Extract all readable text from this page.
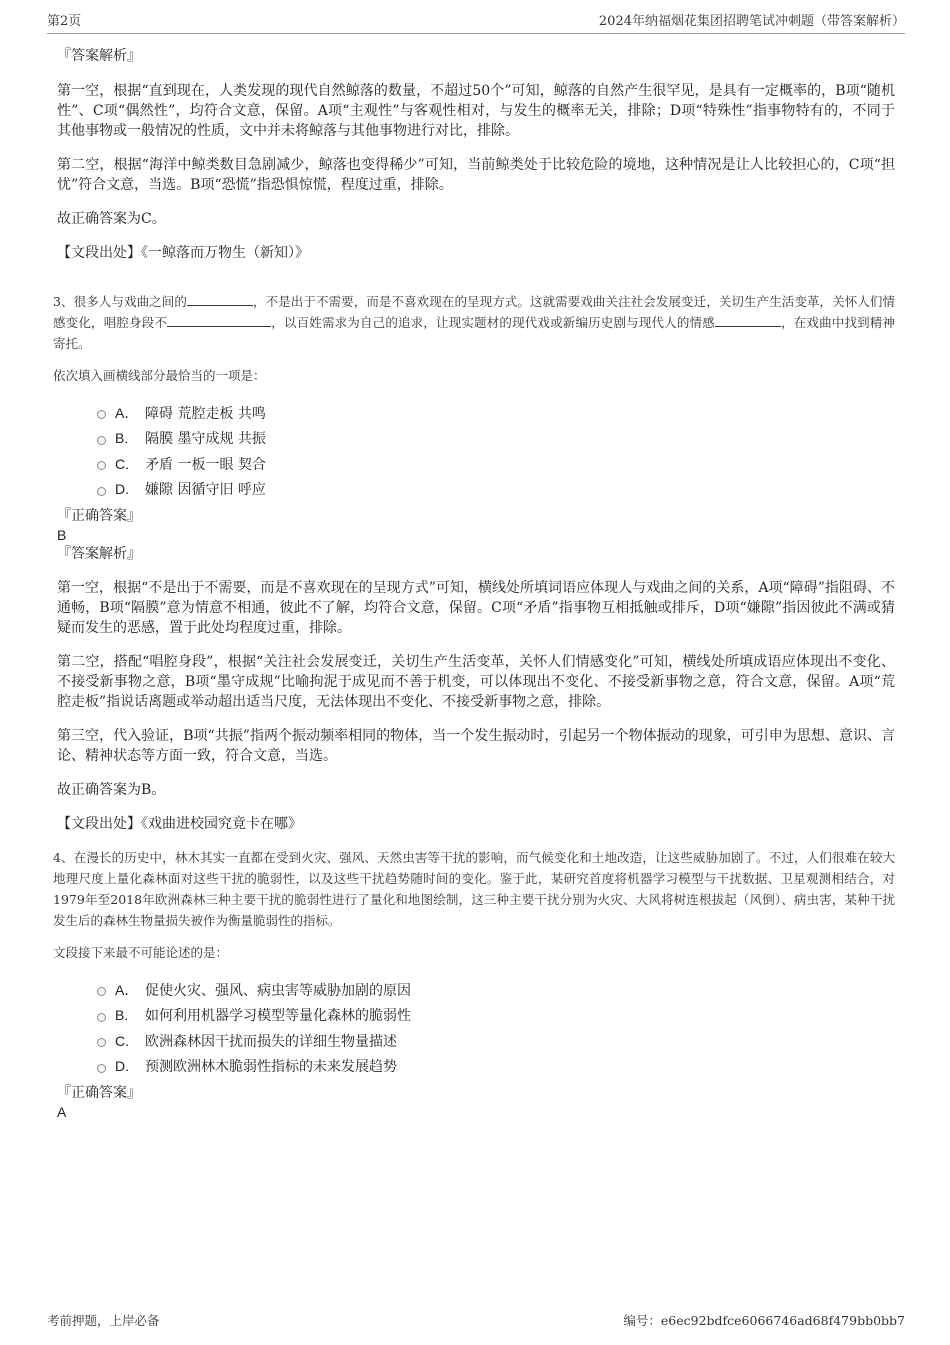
第2页	2024年纳福烟花集团招聘笔试冲刺题（带答案解析）

『答案解析』

第一空，根据“直到现在，人类发现的现代自然鲸落的数量，不超过50个”可知，鲸落的自然产生很罕见，是具有一定概率的，B项“随机性”、C项“偶然性”，均符合文意，保留。A项“主观性”与客观性相对，与发生的概率无关，排除；D项“特殊性”指事物特有的，不同于其他事物或一般情况的性质，文中并未将鲸落与其他事物进行对比，排除。

第二空，根据“海洋中鲸类数目急剧减少，鲸落也变得稀少”可知，当前鲸类处于比较危险的境地，这种情况是让人比较担心的，C项“担忧”符合文意，当选。B项“恐慌”指恐惧惊慌，程度过重，排除。

故正确答案为C。

【文段出处】《一鲸落而万物生（新知）》

3、很多人与戏曲之间的	，不是出于不需要，而是不喜欢现在的呈现方式。这就需要戏曲关注社会发展变迁，关切生产生活变革，关怀人们情感变化，唱腔身段不	，以百姓需求为自己的追求，让现实题材的现代戏或新编历史剧与现代人的情感	，在戏曲中找到精神寄托。

依次填入画横线部分最恰当的一项是：

A． 障碍 荒腔走板 共鸣
B.	隔膜 墨守成规 共振
C.	矛盾 一板一眼 契合
D.	嫌隙 因循守旧 呼应

『正确答案』

B

『答案解析』

第一空，根据“不是出于不需要，而是不喜欢现在的呈现方式”可知，横线处所填词语应体现人与戏曲之间的关系，A项“障碍”指阻碍、不通畅，B项“隔膜”意为情意不相通，彼此不了解，均符合文意，保留。C项“矛盾”指事物互相抵触或排斥，D项“嫌隙”指因彼此不满或猜疑而发生的恶感，置于此处均程度过重，排除。

第二空，搭配“唱腔身段”，根据“关注社会发展变迁，关切生产生活变革，关怀人们情感变化”可知，横线处所填成语应体现出不变化、不接受新事物之意，B项“墨守成规”比喻拘泥于成见而不善于机变，可以体现出不变化、不接受新事物之意，符合文意，保留。A项“荒腔走板”指说话离题或举动超出适当尺度，无法体现出不变化、不接受新事物之意，排除。

第三空，代入验证，B项“共振”指两个振动频率相同的物体，当一个发生振动时，引起另一个物体振动的现象，可引申为思想、意识、言论、精神状态等方面一致，符合文意，当选。

故正确答案为B。

【文段出处】《戏曲进校园究竟卡在哪》

4、在漫长的历史中，林木其实一直都在受到火灾、强风、天然虫害等干扰的影响，而气候变化和土地改造，让这些威胁加剧了。不过，人们很难在较大地理尺度上量化森林面对这些干扰的脆弱性，以及这些干扰趋势随时间的变化。鉴于此，某研究首度将机器学习模型与干扰数据、卫星观测相结合，对1979年至2018年欧洲森林三种主要干扰的脆弱性进行了量化和地图绘制，这三种主要干扰分别为火灾、大风将树连根拔起（风倒）、病虫害，某种干扰发生后的森林生物量损失被作为衡量脆弱性的指标。

文段接下来最不可能论述的是：

A． 促使火灾、强风、病虫害等威胁加剧的原因
B.	如何利用机器学习模型等量化森林的脆弱性
C.	欧洲森林因干扰而损失的详细生物量描述
D.	预测欧洲林木脆弱性指标的未来发展趋势

『正确答案』

A

考前押题，上岸必备	编号：e6ec92bdfce6066746ad68f479bb0bb7
